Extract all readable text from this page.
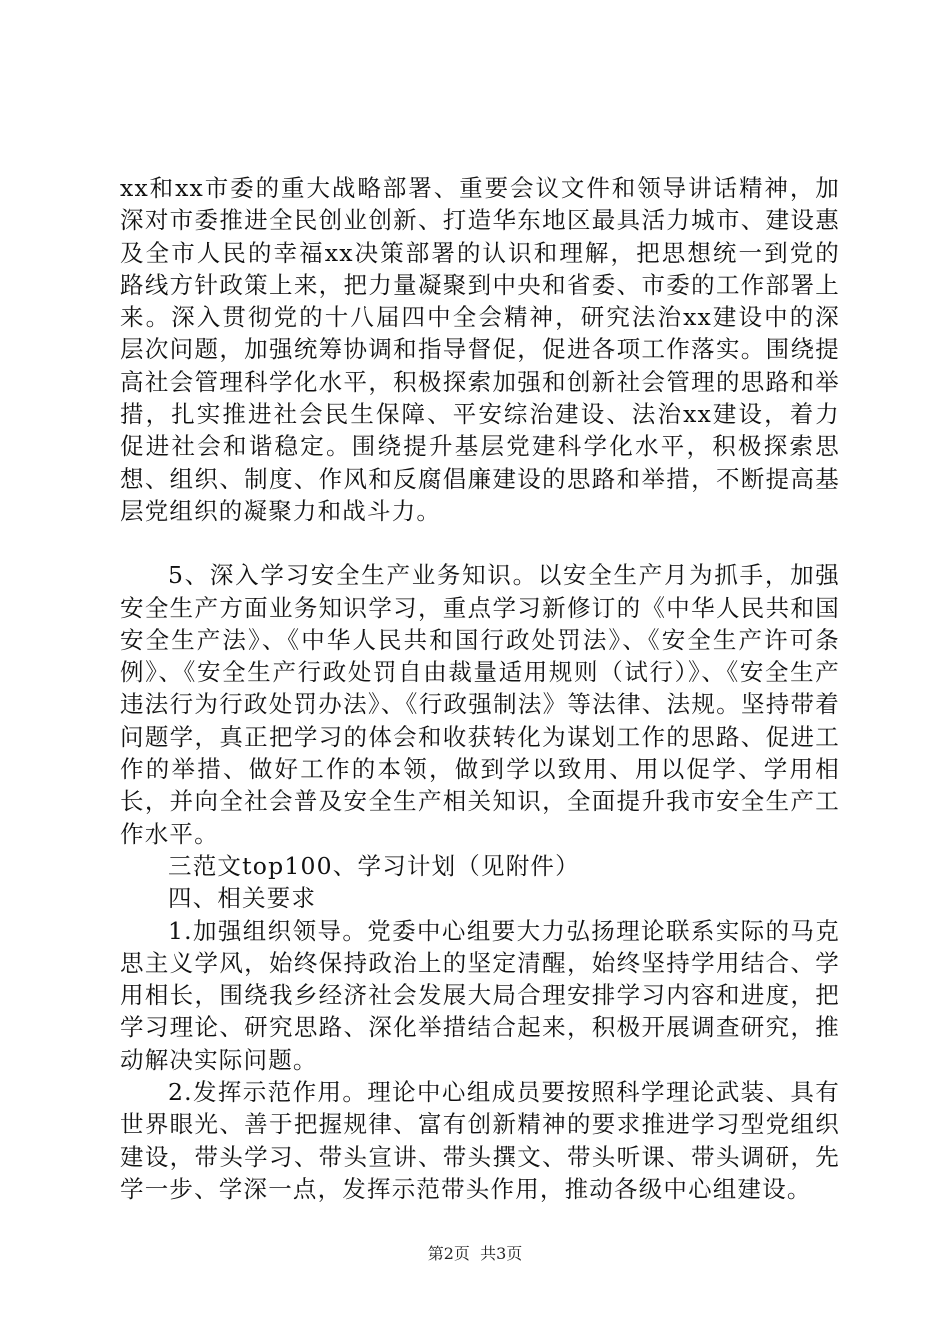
xx和xx市委的重大战略部署、重要会议文件和领导讲话精神，加深对市委推进全民创业创新、打造华东地区最具活力城市、建设惠及全市人民的幸福xx决策部署的认识和理解，把思想统一到党的路线方针政策上来，把力量凝聚到中央和省委、市委的工作部署上来。深入贯彻党的十八届四中全会精神，研究法治xx建设中的深层次问题，加强统筹协调和指导督促，促进各项工作落实。围绕提高社会管理科学化水平，积极探索加强和创新社会管理的思路和举措，扎实推进社会民生保障、平安综治建设、法治xx建设，着力促进社会和谐稳定。围绕提升基层党建科学化水平，积极探索思想、组织、制度、作风和反腐倡廉建设的思路和举措，不断提高基层党组织的凝聚力和战斗力。

5、深入学习安全生产业务知识。以安全生产月为抓手，加强安全生产方面业务知识学习，重点学习新修订的《中华人民共和国安全生产法》、《中华人民共和国行政处罚法》、《安全生产许可条例》、《安全生产行政处罚自由裁量适用规则（试行）》、《安全生产违法行为行政处罚办法》、《行政强制法》等法律、法规。坚持带着问题学，真正把学习的体会和收获转化为谋划工作的思路、促进工作的举措、做好工作的本领，做到学以致用、用以促学、学用相长，并向全社会普及安全生产相关知识，全面提升我市安全生产工作水平。

三范文top100、学习计划（见附件）

四、相关要求

1.加强组织领导。党委中心组要大力弘扬理论联系实际的马克思主义学风，始终保持政治上的坚定清醒，始终坚持学用结合、学用相长，围绕我乡经济社会发展大局合理安排学习内容和进度，把学习理论、研究思路、深化举措结合起来，积极开展调查研究，推动解决实际问题。

2.发挥示范作用。理论中心组成员要按照科学理论武装、具有世界眼光、善于把握规律、富有创新精神的要求推进学习型党组织建设，带头学习、带头宣讲、带头撰文、带头听课、带头调研，先学一步、学深一点，发挥示范带头作用，推动各级中心组建设。

第2页  共3页
